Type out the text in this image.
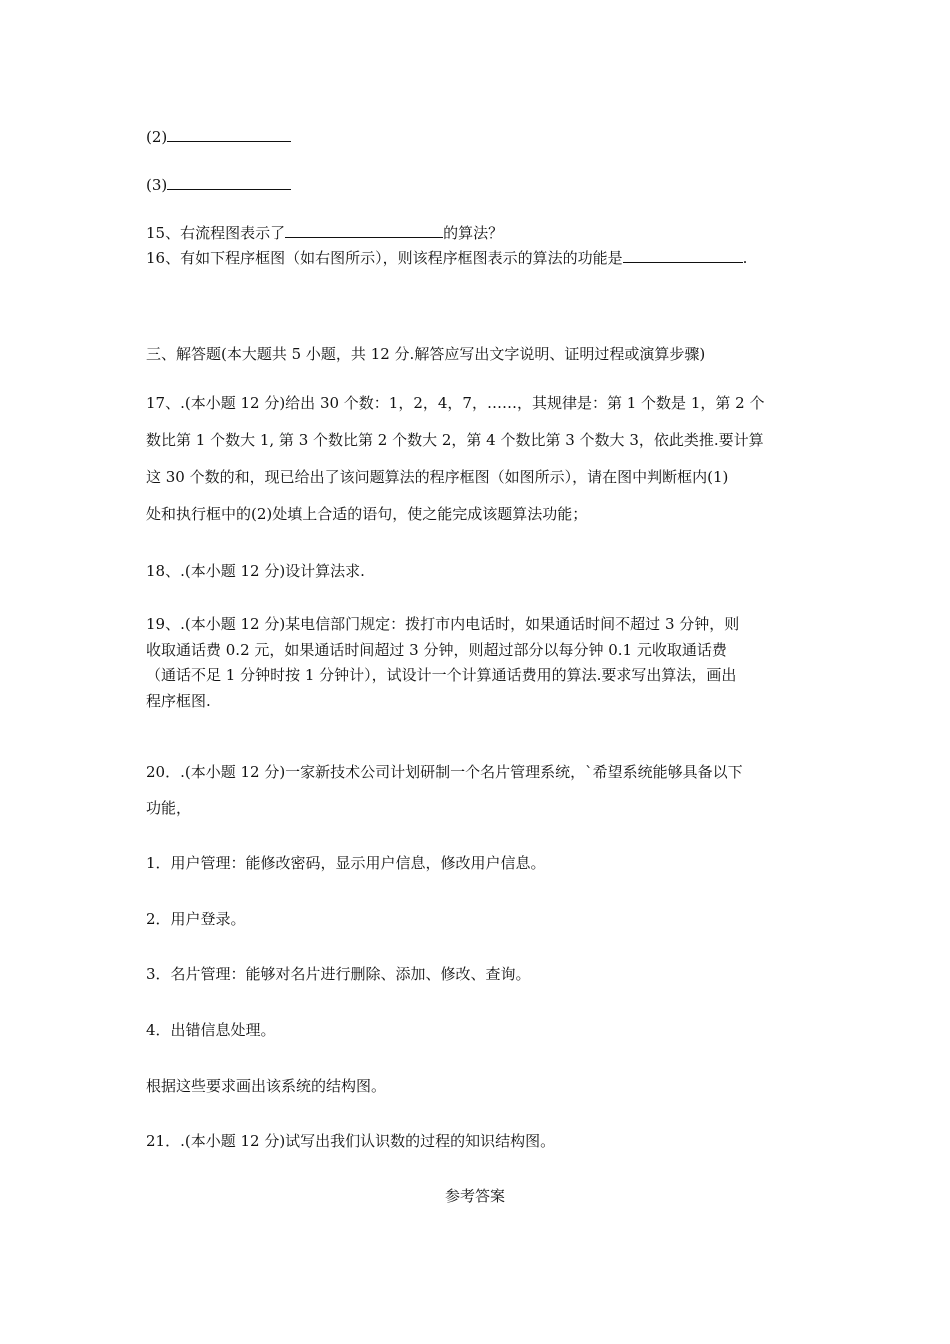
(2)
(3)
15、右流程图表示了	的算法？
16、有如下程序框图（如右图所示），则该程序框图表示的算法的功能是	.
三、解答题(本大题共 5 小题，共 12 分.解答应写出文字说明、证明过程或演算步骤)
17、.(本小题 12 分)给出 30 个数：1，2，4，7，……，其规律是：第 1 个数是 1，第 2 个
数比第 1 个数大 1, 第 3 个数比第 2 个数大 2，第 4 个数比第 3 个数大 3，依此类推.要计算
这 30 个数的和，现已给出了该问题算法的程序框图（如图所示），请在图中判断框内(1)
处和执行框中的(2)处填上合适的语句，使之能完成该题算法功能；
18、.(本小题 12 分)设计算法求.
19、.(本小题 12 分)某电信部门规定：拨打市内电话时，如果通话时间不超过 3 分钟，则
收取通话费 0.2 元，如果通话时间超过 3 分钟，则超过部分以每分钟 0.1 元收取通话费
（通话不足 1 分钟时按 1 分钟计），试设计一个计算通话费用的算法.要求写出算法，画出
程序框图.
20．.(本小题 12 分)一家新技术公司计划研制一个名片管理系统，`希望系统能够具备以下
功能，
1．用户管理：能修改密码，显示用户信息，修改用户信息。
2．用户登录。
3．名片管理：能够对名片进行删除、添加、修改、查询。
4．出错信息处理。
根据这些要求画出该系统的结构图。
21．.(本小题 12 分)试写出我们认识数的过程的知识结构图。
参考答案
